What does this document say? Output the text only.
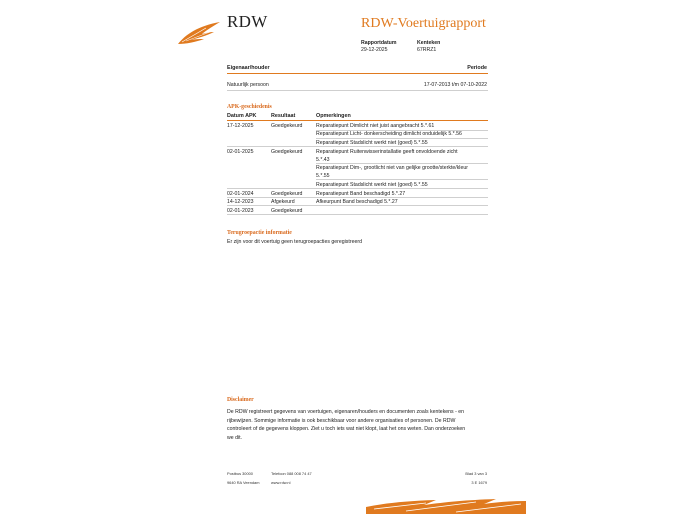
RDW	RDW-Voertuigrapport
Rapportdatum
29-12-2025
Kenteken
67RRZ1
Eigenaar/houder	Periode
Natuurlijk persoon	17-07-2013 t/m 07-10-2022
APK-geschiedenis
Datum APK	Resultaat	Opmerkingen
17-12-2025	Goedgekeurd	Reparatiepunt Dimlicht niet juist aangebracht 5.*.61
Reparatiepunt Licht- donkerscheiding dimlicht onduidelijk 5.*.56
Reparatiepunt Stadslicht werkt niet (goed) 5.*.55
02-01-2025	Goedgekeurd	Reparatiepunt Ruitenwisserinstallatie geeft onvoldoende zicht
5.*.43
Reparatiepunt Dim-, grootlicht niet van gelijke grootte/sterkte/kleur
5.*.55
Reparatiepunt Stadslicht werkt niet (goed) 5.*.55
02-01-2024	Goedgekeurd	Reparatiepunt Band beschadigd 5.*.27
14-12-2023	Afgekeurd	Afkeurpunt Band beschadigd 5.*.27
02-01-2023	Goedgekeurd
Terugroepactie informatie
Er zijn voor dit voertuig geen terugroepacties geregistreerd
Disclaimer
De RDW registreert gegevens van voertuigen, eigenaren/houders en documenten zoals kentekens - en
rijbewijzen. Sommige informatie is ook beschikbaar voor andere organisaties of personen. De RDW
controleert of de gegevens kloppen. Ziet u toch iets wat niet klopt, laat het ons weten. Dan onderzoeken
we dit.
Postbus 30000
9640 RA Veendam
Telefoon 088 008 74 47
www.rdw.nl
Blad 3 van 3
3 E 1679
